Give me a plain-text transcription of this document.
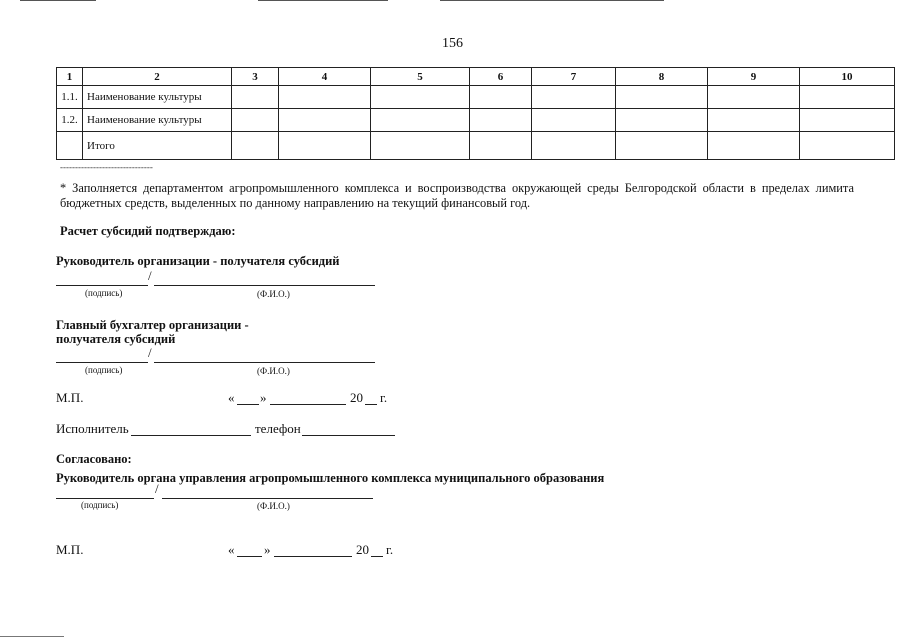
156
1	2	3	4	5	6	7	8	9	10
1.1.	Наименование культуры								
1.2.	Наименование культуры								
	Итого								
-------------------------------
* Заполняется департаментом агропромышленного комплекса и воспроизводства окружающей среды Белгородской области в пределах лимита бюджетных средств, выделенных по данному направлению на текущий финансовый год.
Расчет субсидий подтверждаю:
Руководитель организации - получателя субсидий
/
(подпись)	(Ф.И.О.)
Главный бухгалтер организации -
получателя субсидий
/
(подпись)	(Ф.И.О.)
М.П.	« »	20 г.
Исполнитель	телефон
Согласовано:
Руководитель органа управления агропромышленного комплекса муниципального образования
/
(подпись)	(Ф.И.О.)
М.П.	« »	20 г.
